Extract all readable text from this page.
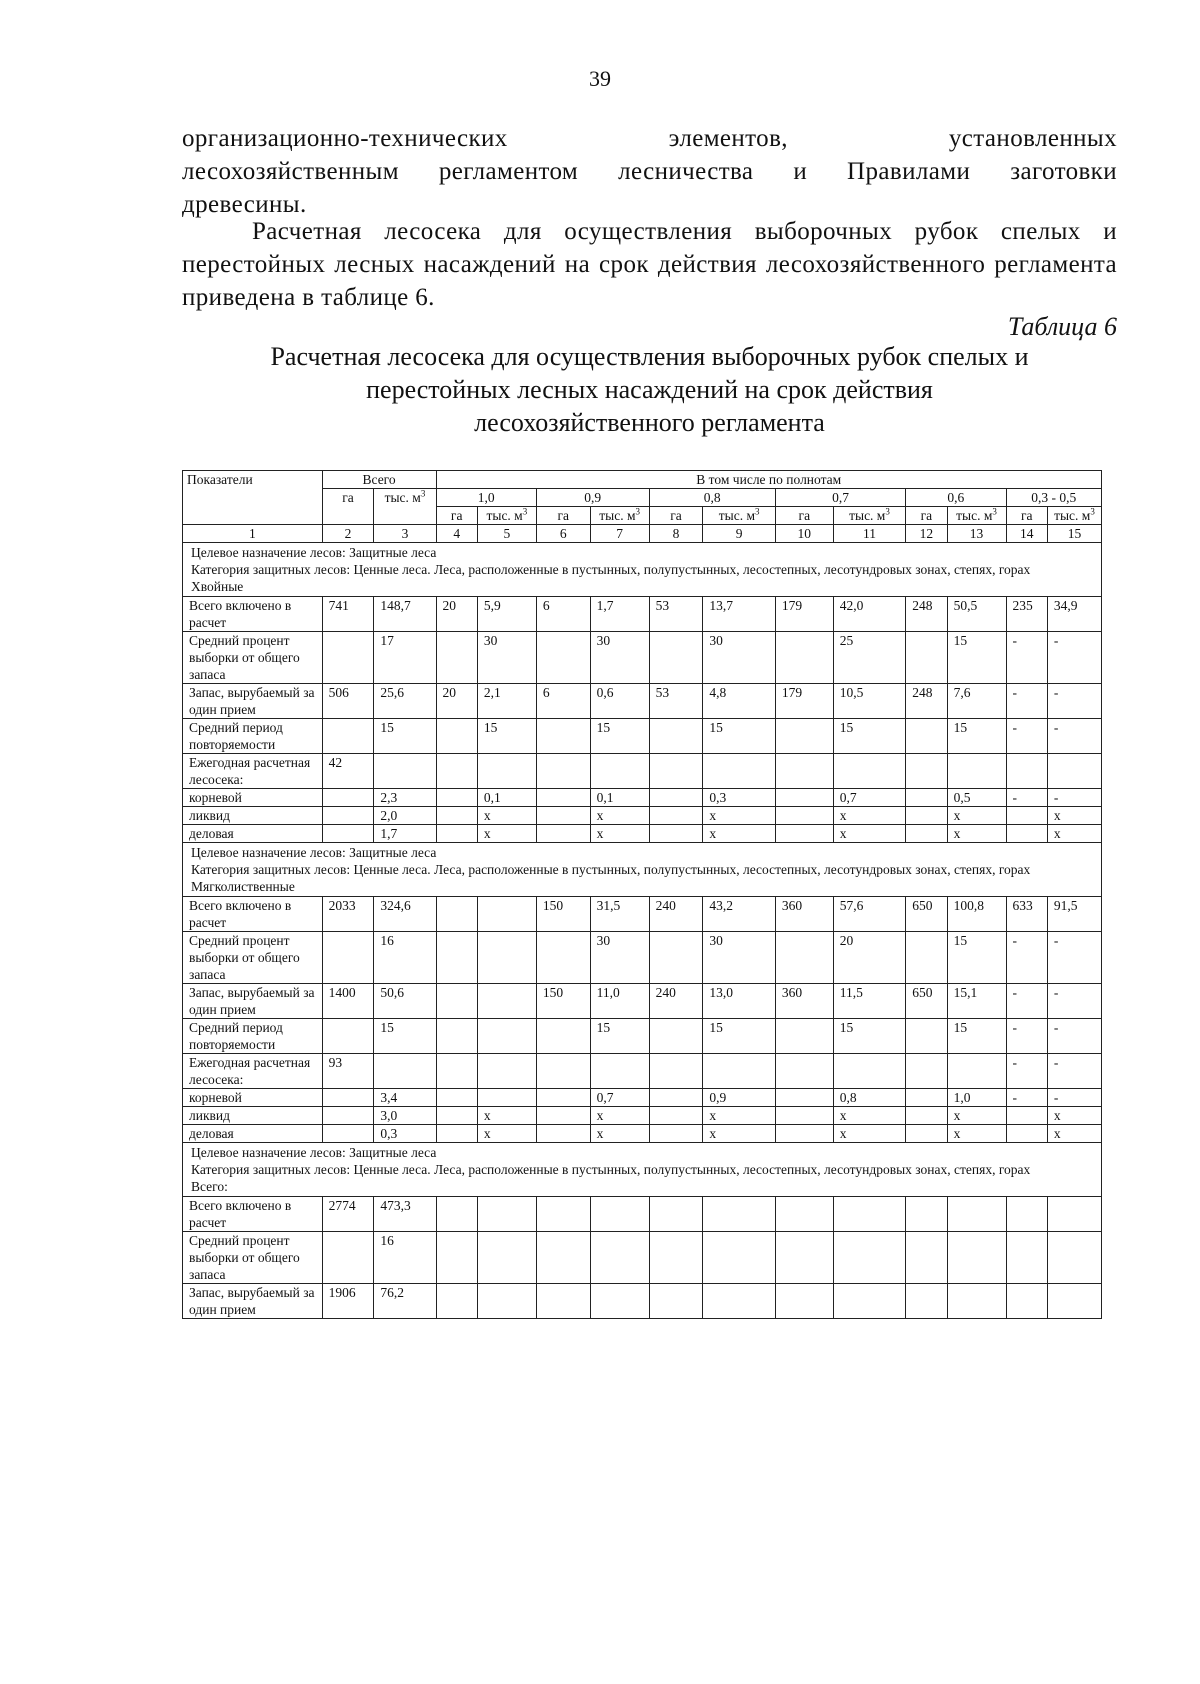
39
организационно-технических	элементов,	установленных
лесохозяйственным регламентом лесничества и Правилами заготовки
древесины.

Расчетная лесосека для осуществления выборочных рубок спелых и перестойных лесных насаждений на срок действия лесохозяйственного регламента приведена в таблице 6.

Таблица 6
Расчетная лесосека для осуществления выборочных рубок спелых и
перестойных лесных насаждений на срок действия
лесохозяйственного регламента
Показатели	Всего		В том числе по полнотам											
	га	тыс. $м^3$	1,0		0,9		0,8		0,7		0,6		0,3 - 0,5	
			га	тыс. $м^3$	га	тыс. $м^3$	га	тыс. $м^3$	га	тыс. $м^3$	га	тыс. $м^3$	га	тыс. $м^3$
1	2	3	4	5	6	7	8	9	10	11	12	13	14	15

Целевое назначение лесов: Защитные леса
Категория защитных лесов: Ценные леса. Леса, расположенные в пустынных, полупустынных, лесостепных, лесотундровых зонах, степях, горах
Хвойные														

Всего включено в расчет	741	148,7	20	5,9	6	1,7	53	13,7	179	42,0	248	50,5	235	34,9
Средний процент выборки от общего запаса		17		30		30		30		25		15	-	-
Запас, вырубаемый за один прием	506	25,6	20	2,1	6	0,6	53	4,8	179	10,5	248	7,6	-	-
Средний период повторяемости		15		15		15		15		15		15	-	-
Ежегодная расчетная лесосека:	42													
корневой		2,3		0,1		0,1		0,3		0,7		0,5	-	-
ликвид		2,0		x		x		x		x		x		x
деловая		1,7		x		x		x		x		x		x

Целевое назначение лесов: Защитные леса
Категория защитных лесов: Ценные леса. Леса, расположенные в пустынных, полупустынных, лесостепных, лесотундровых зонах, степях, горах
Мягколиственные														

Всего включено в расчет	2033	324,6			150	31,5	240	43,2	360	57,6	650	100,8	633	91,5
Средний процент выборки от общего запаса		16				30		30		20		15	-	-
Запас, вырубаемый за один прием	1400	50,6			150	11,0	240	13,0	360	11,5	650	15,1	-	-
Средний период повторяемости		15				15		15		15		15	-	-
Ежегодная расчетная лесосека:	93												-	-
корневой		3,4				0,7		0,9		0,8		1,0	-	-
ликвид		3,0		x		x		x		x		x		x
деловая		0,3		x		x		x		x		x		x

Целевое назначение лесов: Защитные леса
Категория защитных лесов: Ценные леса. Леса, расположенные в пустынных, полупустынных, лесостепных, лесотундровых зонах, степях, горах
Всего:														

Всего включено в расчет	2774	473,3												
Средний процент выборки от общего запаса		16												
Запас, вырубаемый за один прием	1906	76,2												
